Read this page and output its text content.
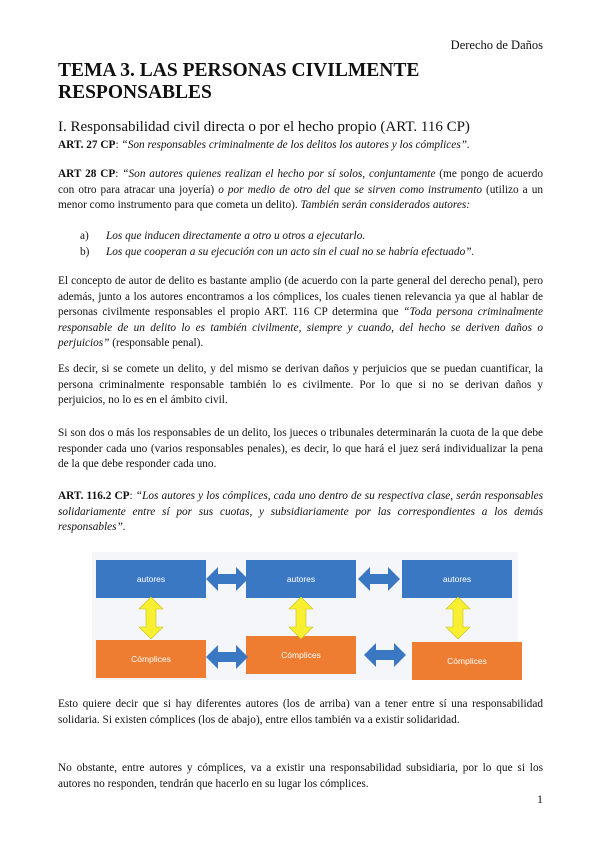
Derecho de Daños
TEMA 3. LAS PERSONAS CIVILMENTE RESPONSABLES
I. Responsabilidad civil directa o por el hecho propio (ART. 116 CP)

ART. 27 CP: “Son responsables criminalmente de los delitos los autores y los cómplices”.

ART 28 CP: “Son autores quienes realizan el hecho por sí solos, conjuntamente (me pongo de acuerdo con otro para atracar una joyería) o por medio de otro del que se sirven como instrumento (utilizo a un menor como instrumento para que cometa un delito). También serán considerados autores:

a) Los que inducen directamente a otro u otros a ejecutarlo.
b) Los que cooperan a su ejecución con un acto sin el cual no se habría efectuado”.

El concepto de autor de delito es bastante amplio (de acuerdo con la parte general del derecho penal), pero además, junto a los autores encontramos a los cómplices, los cuales tienen relevancia ya que al hablar de personas civilmente responsables el propio ART. 116 CP determina que “Toda persona criminalmente responsable de un delito lo es también civilmente, siempre y cuando, del hecho se deriven daños o perjuicios” (responsable penal).

Es decir, si se comete un delito, y del mismo se derivan daños y perjuicios que se puedan cuantificar, la persona criminalmente responsable también lo es civilmente. Por lo que si no se derivan daños y perjuicios, no lo es en el ámbito civil.

Si son dos o más los responsables de un delito, los jueces o tribunales determinarán la cuota de la que debe responder cada uno (varios responsables penales), es decir, lo que hará el juez será individualizar la pena de la que debe responder cada uno.

ART. 116.2 CP: “Los autores y los cómplices, cada uno dentro de su respectiva clase, serán responsables solidariamente entre sí por sus cuotas, y subsidiariamente por las correspondientes a los demás responsables”.

autores	autores	autores
Cómplices	Cómplices
Cómplices

Esto quiere decir que si hay diferentes autores (los de arriba) van a tener entre sí una responsabilidad solidaria. Si existen cómplices (los de abajo), entre ellos también va a existir solidaridad.

No obstante, entre autores y cómplices, va a existir una responsabilidad subsidiaria, por lo que si los autores no responden, tendrán que hacerlo en su lugar los cómplices.

1
